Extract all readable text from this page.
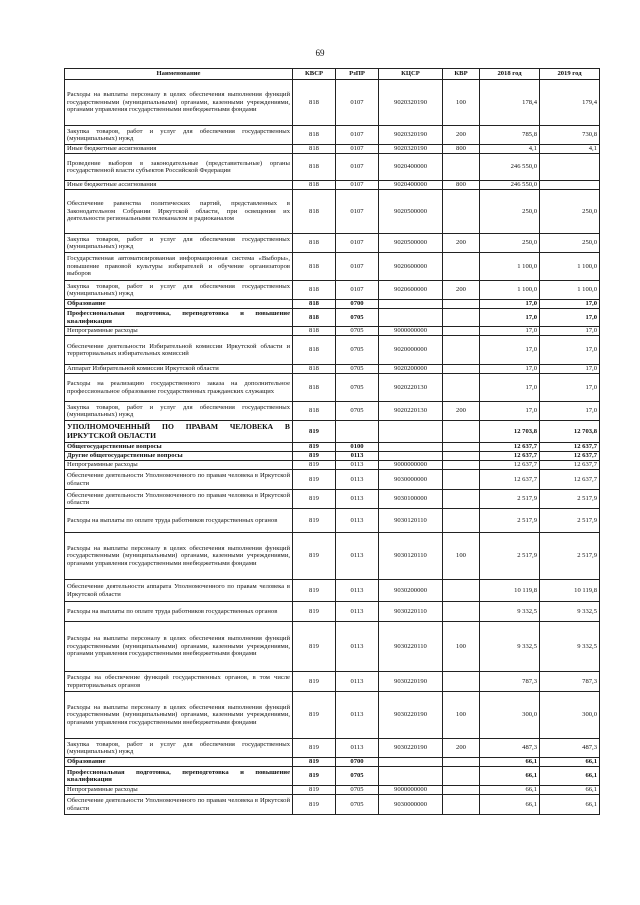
69
Наименование	КВСР	РзПР	КЦСР	КВР	2018 год	2019 год
Расходы на выплаты персоналу в целях обеспечения выполнения функций государственными (муниципальными) органами, казенными учреждениями, органами управления государственными внебюджетными фондами	818	0107	9020320190	100	178,4	179,4
Закупка товаров, работ и услуг для обеспечения государственных (муниципальных) нужд	818	0107	9020320190	200	785,8	730,8
Иные бюджетные ассигнования	818	0107	9020320190	800	4,1	4,1
Проведение выборов в законодательные (представительные) органы государственной власти субъектов Российской Федерации	818	0107	9020400000		246 550,0	
Иные бюджетные ассигнования	818	0107	9020400000	800	246 550,0	
Обеспечение равенства политических партий, представленных в Законодательном Собрании Иркутской области, при освещении их деятельности региональными телеканалом и радиоканалом	818	0107	9020500000		250,0	250,0
Закупка товаров, работ и услуг для обеспечения государственных (муниципальных) нужд	818	0107	9020500000	200	250,0	250,0
Государственная автоматизированная информационная система «Выборы», повышение правовой культуры избирателей и обучение организаторов выборов	818	0107	9020600000		1 100,0	1 100,0
Закупка товаров, работ и услуг для обеспечения государственных (муниципальных) нужд	818	0107	9020600000	200	1 100,0	1 100,0
Образование	818	0700			17,0	17,0
Профессиональная подготовка, переподготовка и повышение квалификации	818	0705			17,0	17,0
Непрограммные расходы	818	0705	9000000000		17,0	17,0
Обеспечение деятельности Избирательной комиссии Иркутской области и территориальных избирательных комиссий	818	0705	9020000000		17,0	17,0
Аппарат Избирательной комиссии Иркутской области	818	0705	9020200000		17,0	17,0
Расходы на реализацию государственного заказа на дополнительное профессиональное образование государственных гражданских служащих	818	0705	9020220130		17,0	17,0
Закупка товаров, работ и услуг для обеспечения государственных (муниципальных) нужд	818	0705	9020220130	200	17,0	17,0
УПОЛНОМОЧЕННЫЙ ПО ПРАВАМ ЧЕЛОВЕКА В ИРКУТСКОЙ ОБЛАСТИ	819				12 703,8	12 703,8
Общегосударственные вопросы	819	0100			12 637,7	12 637,7
Другие общегосударственные вопросы	819	0113			12 637,7	12 637,7
Непрограммные расходы	819	0113	9000000000		12 637,7	12 637,7
Обеспечение деятельности Уполномоченного по правам человека в Иркутской области	819	0113	9030000000		12 637,7	12 637,7
Обеспечение деятельности Уполномоченного по правам человека в Иркутской области	819	0113	9030100000		2 517,9	2 517,9
Расходы на выплаты по оплате труда работников государственных органов	819	0113	9030120110		2 517,9	2 517,9
Расходы на выплаты персоналу в целях обеспечения выполнения функций государственными (муниципальными) органами, казенными учреждениями, органами управления государственными внебюджетными фондами	819	0113	9030120110	100	2 517,9	2 517,9
Обеспечение деятельности аппарата Уполномоченного по правам человека в Иркутской области	819	0113	9030200000		10 119,8	10 119,8
Расходы на выплаты по оплате труда работников государственных органов	819	0113	9030220110		9 332,5	9 332,5
Расходы на выплаты персоналу в целях обеспечения выполнения функций государственными (муниципальными) органами, казенными учреждениями, органами управления государственными внебюджетными фондами	819	0113	9030220110	100	9 332,5	9 332,5
Расходы на обеспечение функций государственных органов, в том числе территориальных органов	819	0113	9030220190		787,3	787,3
Расходы на выплаты персоналу в целях обеспечения выполнения функций государственными (муниципальными) органами, казенными учреждениями, органами управления государственными внебюджетными фондами	819	0113	9030220190	100	300,0	300,0
Закупка товаров, работ и услуг для обеспечения государственных (муниципальных) нужд	819	0113	9030220190	200	487,3	487,3
Образование	819	0700			66,1	66,1
Профессиональная подготовка, переподготовка и повышение квалификации	819	0705			66,1	66,1
Непрограммные расходы	819	0705	9000000000		66,1	66,1
Обеспечение деятельности Уполномоченного по правам человека в Иркутской области	819	0705	9030000000		66,1	66,1
